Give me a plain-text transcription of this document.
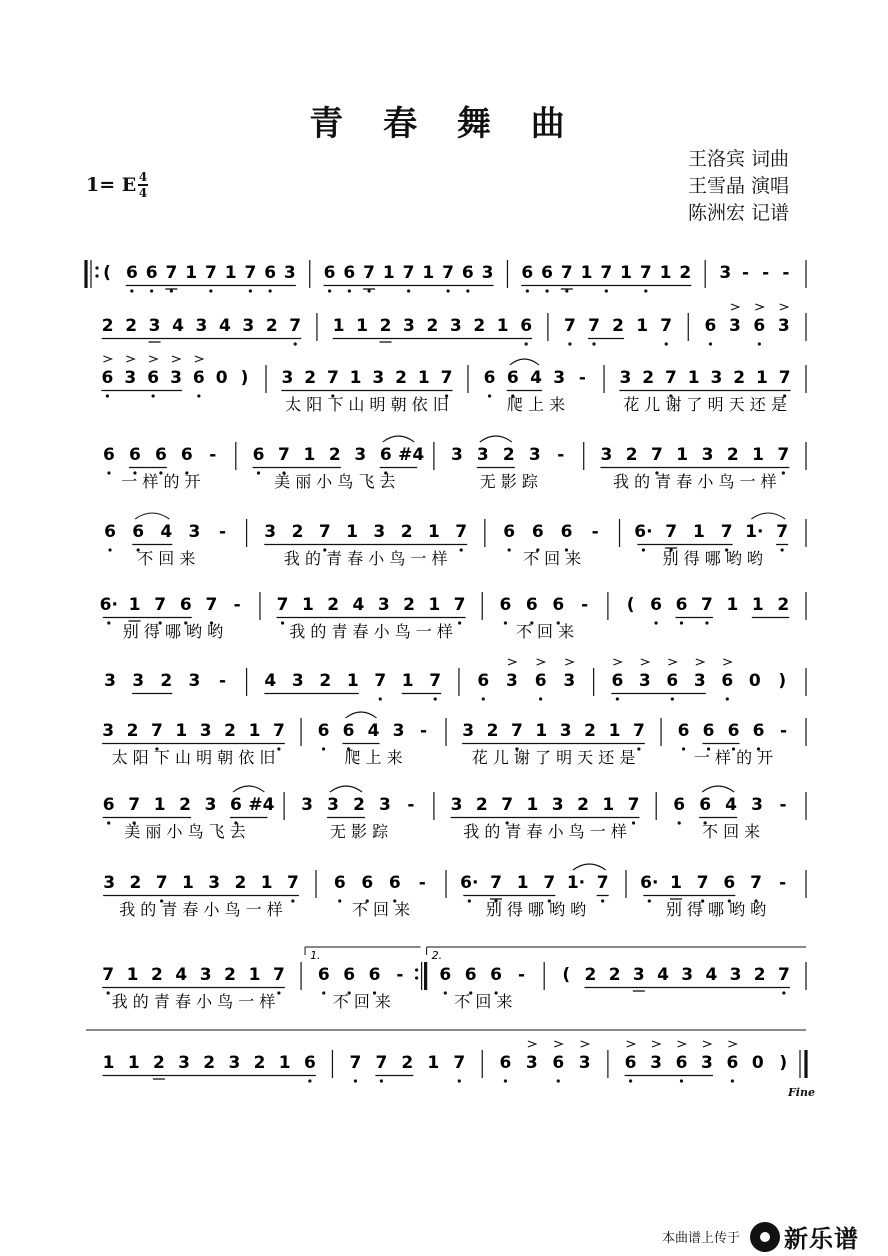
青 春 舞 曲
1= E 4
4
王洛宾 词曲
王雪晶 演唱
陈洲宏 记谱
( 6 6 7 1 7 1 7 6 3 6 6 7 1 7 1 7 6 3 6 6 7 1 7 1 7 1 2 3 - - -
2 2 3 4 3 4 3 2 7 1 1 2 3 2 3 2 1 6 7 7 2 1 7 6 3 6 3
6 3 6 3 6 0 ) 3 2 7 1 3 2 1 7
太 阳 下 山 明 朝 依 旧
6 6 4 3 -
爬 上 来
3 2 7 1 3 2 1 7
花 儿 谢 了 明 天 还 是
6 6 6 6 -
一 样 的 开
6 7 1 2 3 6 #4
美 丽 小 鸟 飞 去
3 3 2 3 -
无 影 踪
3 2 7 1 3 2 1 7
我 的 青 春 小 鸟 一 样
6 6 4 3 -
不 回 来
3 2 7 1 3 2 1 7
我 的 青 春 小 鸟 一 样
6 6 6 -
不 回 来
6· 7 1 7 1· 7
别 得 哪 哟 哟
6· 1 7 6 7 -
别 得 哪 哟 哟
7 1 2 4 3 2 1 7
我 的 青 春 小 鸟 一 样
6 6 6 -
不 回 来
( 6 6 7 1 1 2
3 3 2 3 - 4 3 2 1 7 1 7 6 3 6 3 6 3 6 3 6 0 )
3 2 7 1 3 2 1 7
太 阳 下 山 明 朝 依 旧
6 6 4 3 -
爬 上 来
3 2 7 1 3 2 1 7
花 儿 谢 了 明 天 还 是
6 6 6 6 -
一 样 的 开
6 7 1 2 3 6 #4
美 丽 小 鸟 飞 去
3 3 2 3 -
无 影 踪
3 2 7 1 3 2 1 7
我 的 青 春 小 鸟 一 样
6 6 4 3 -
不 回 来
3 2 7 1 3 2 1 7
我 的 青 春 小 鸟 一 样
6 6 6 -
不 回 来
6· 7 1 7 1· 7
别 得 哪 哟 哟
6· 1 7 6 7 -
别 得 哪 哟 哟
7 1 2 4 3 2 1 7
我 的 青 春 小 鸟 一 样
6 6 6 -
不 回 来
6 6 6 -
不 回 来
( 2 2 3 4 3 4 3 2 7
1.	2.
1 1 2 3 2 3 2 1 6 7 7 2 1 7 6 3 6 3 6 3 6 3 6 0 )
Fine
本曲谱上传于 新乐谱
